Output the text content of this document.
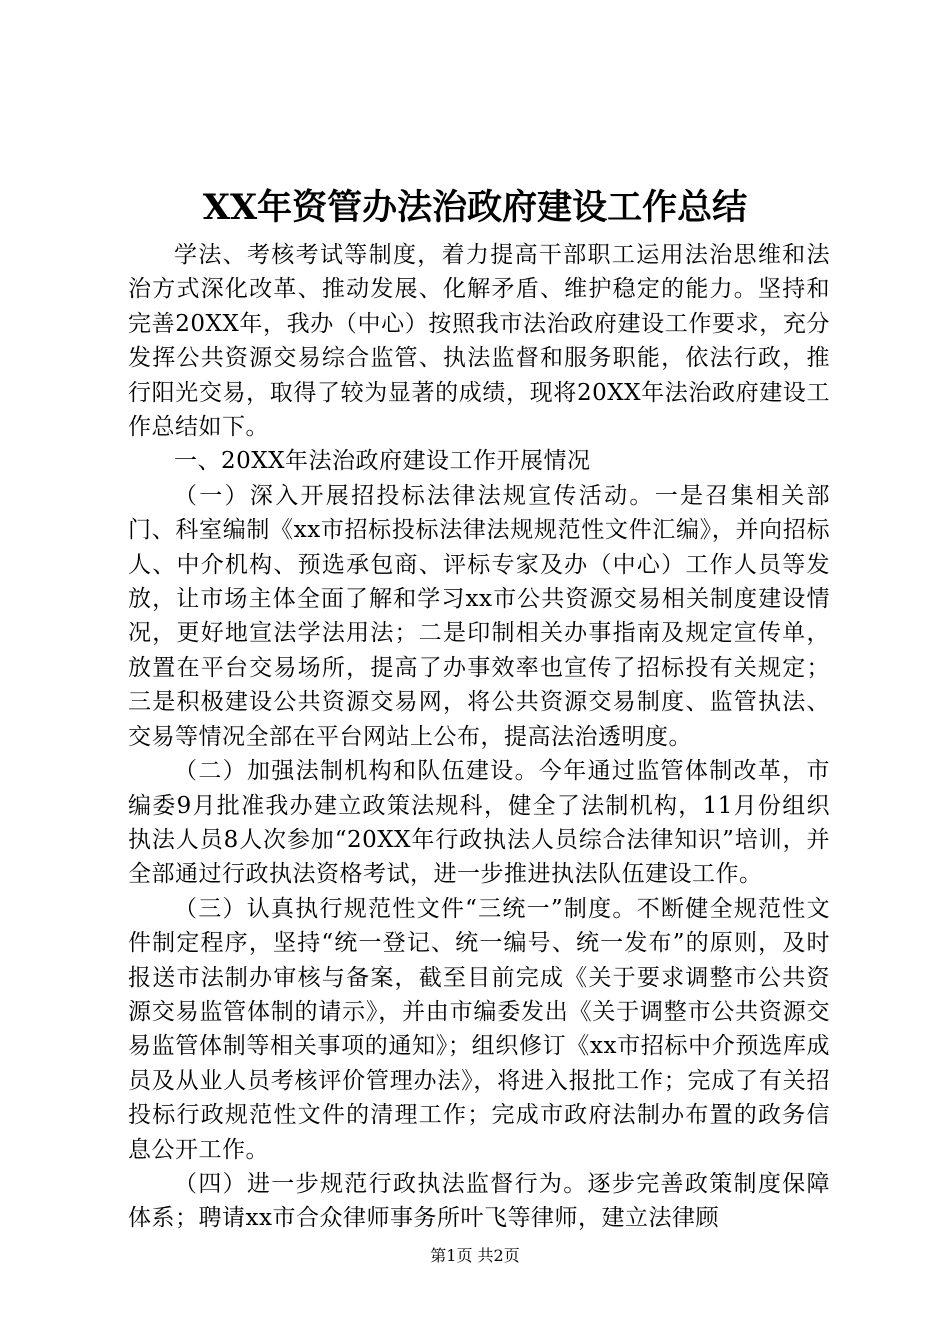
XX年资管办法治政府建设工作总结

学法、考核考试等制度，着力提高干部职工运用法治思维和法治方式深化改革、推动发展、化解矛盾、维护稳定的能力。坚持和完善20XX年，我办（中心）按照我市法治政府建设工作要求，充分发挥公共资源交易综合监管、执法监督和服务职能，依法行政，推行阳光交易，取得了较为显著的成绩，现将20XX年法治政府建设工作总结如下。

一、20XX年法治政府建设工作开展情况

（一）深入开展招投标法律法规宣传活动。一是召集相关部门、科室编制《xx市招标投标法律法规规范性文件汇编》，并向招标人、中介机构、预选承包商、评标专家及办（中心）工作人员等发放，让市场主体全面了解和学习xx市公共资源交易相关制度建设情况，更好地宣法学法用法；二是印制相关办事指南及规定宣传单，放置在平台交易场所，提高了办事效率也宣传了招标投有关规定；三是积极建设公共资源交易网，将公共资源交易制度、监管执法、交易等情况全部在平台网站上公布，提高法治透明度。

（二）加强法制机构和队伍建设。今年通过监管体制改革，市编委9月批准我办建立政策法规科，健全了法制机构，11月份组织执法人员8人次参加“20XX年行政执法人员综合法律知识”培训，并全部通过行政执法资格考试，进一步推进执法队伍建设工作。

（三）认真执行规范性文件“三统一”制度。不断健全规范性文件制定程序，坚持“统一登记、统一编号、统一发布”的原则，及时报送市法制办审核与备案，截至目前完成《关于要求调整市公共资源交易监管体制的请示》，并由市编委发出《关于调整市公共资源交易监管体制等相关事项的通知》；组织修订《xx市招标中介预选库成员及从业人员考核评价管理办法》，将进入报批工作；完成了有关招投标行政规范性文件的清理工作；完成市政府法制办布置的政务信息公开工作。

（四）进一步规范行政执法监督行为。逐步完善政策制度保障体系；聘请xx市合众律师事务所叶飞等律师，建立法律顾

第1页 共2页
